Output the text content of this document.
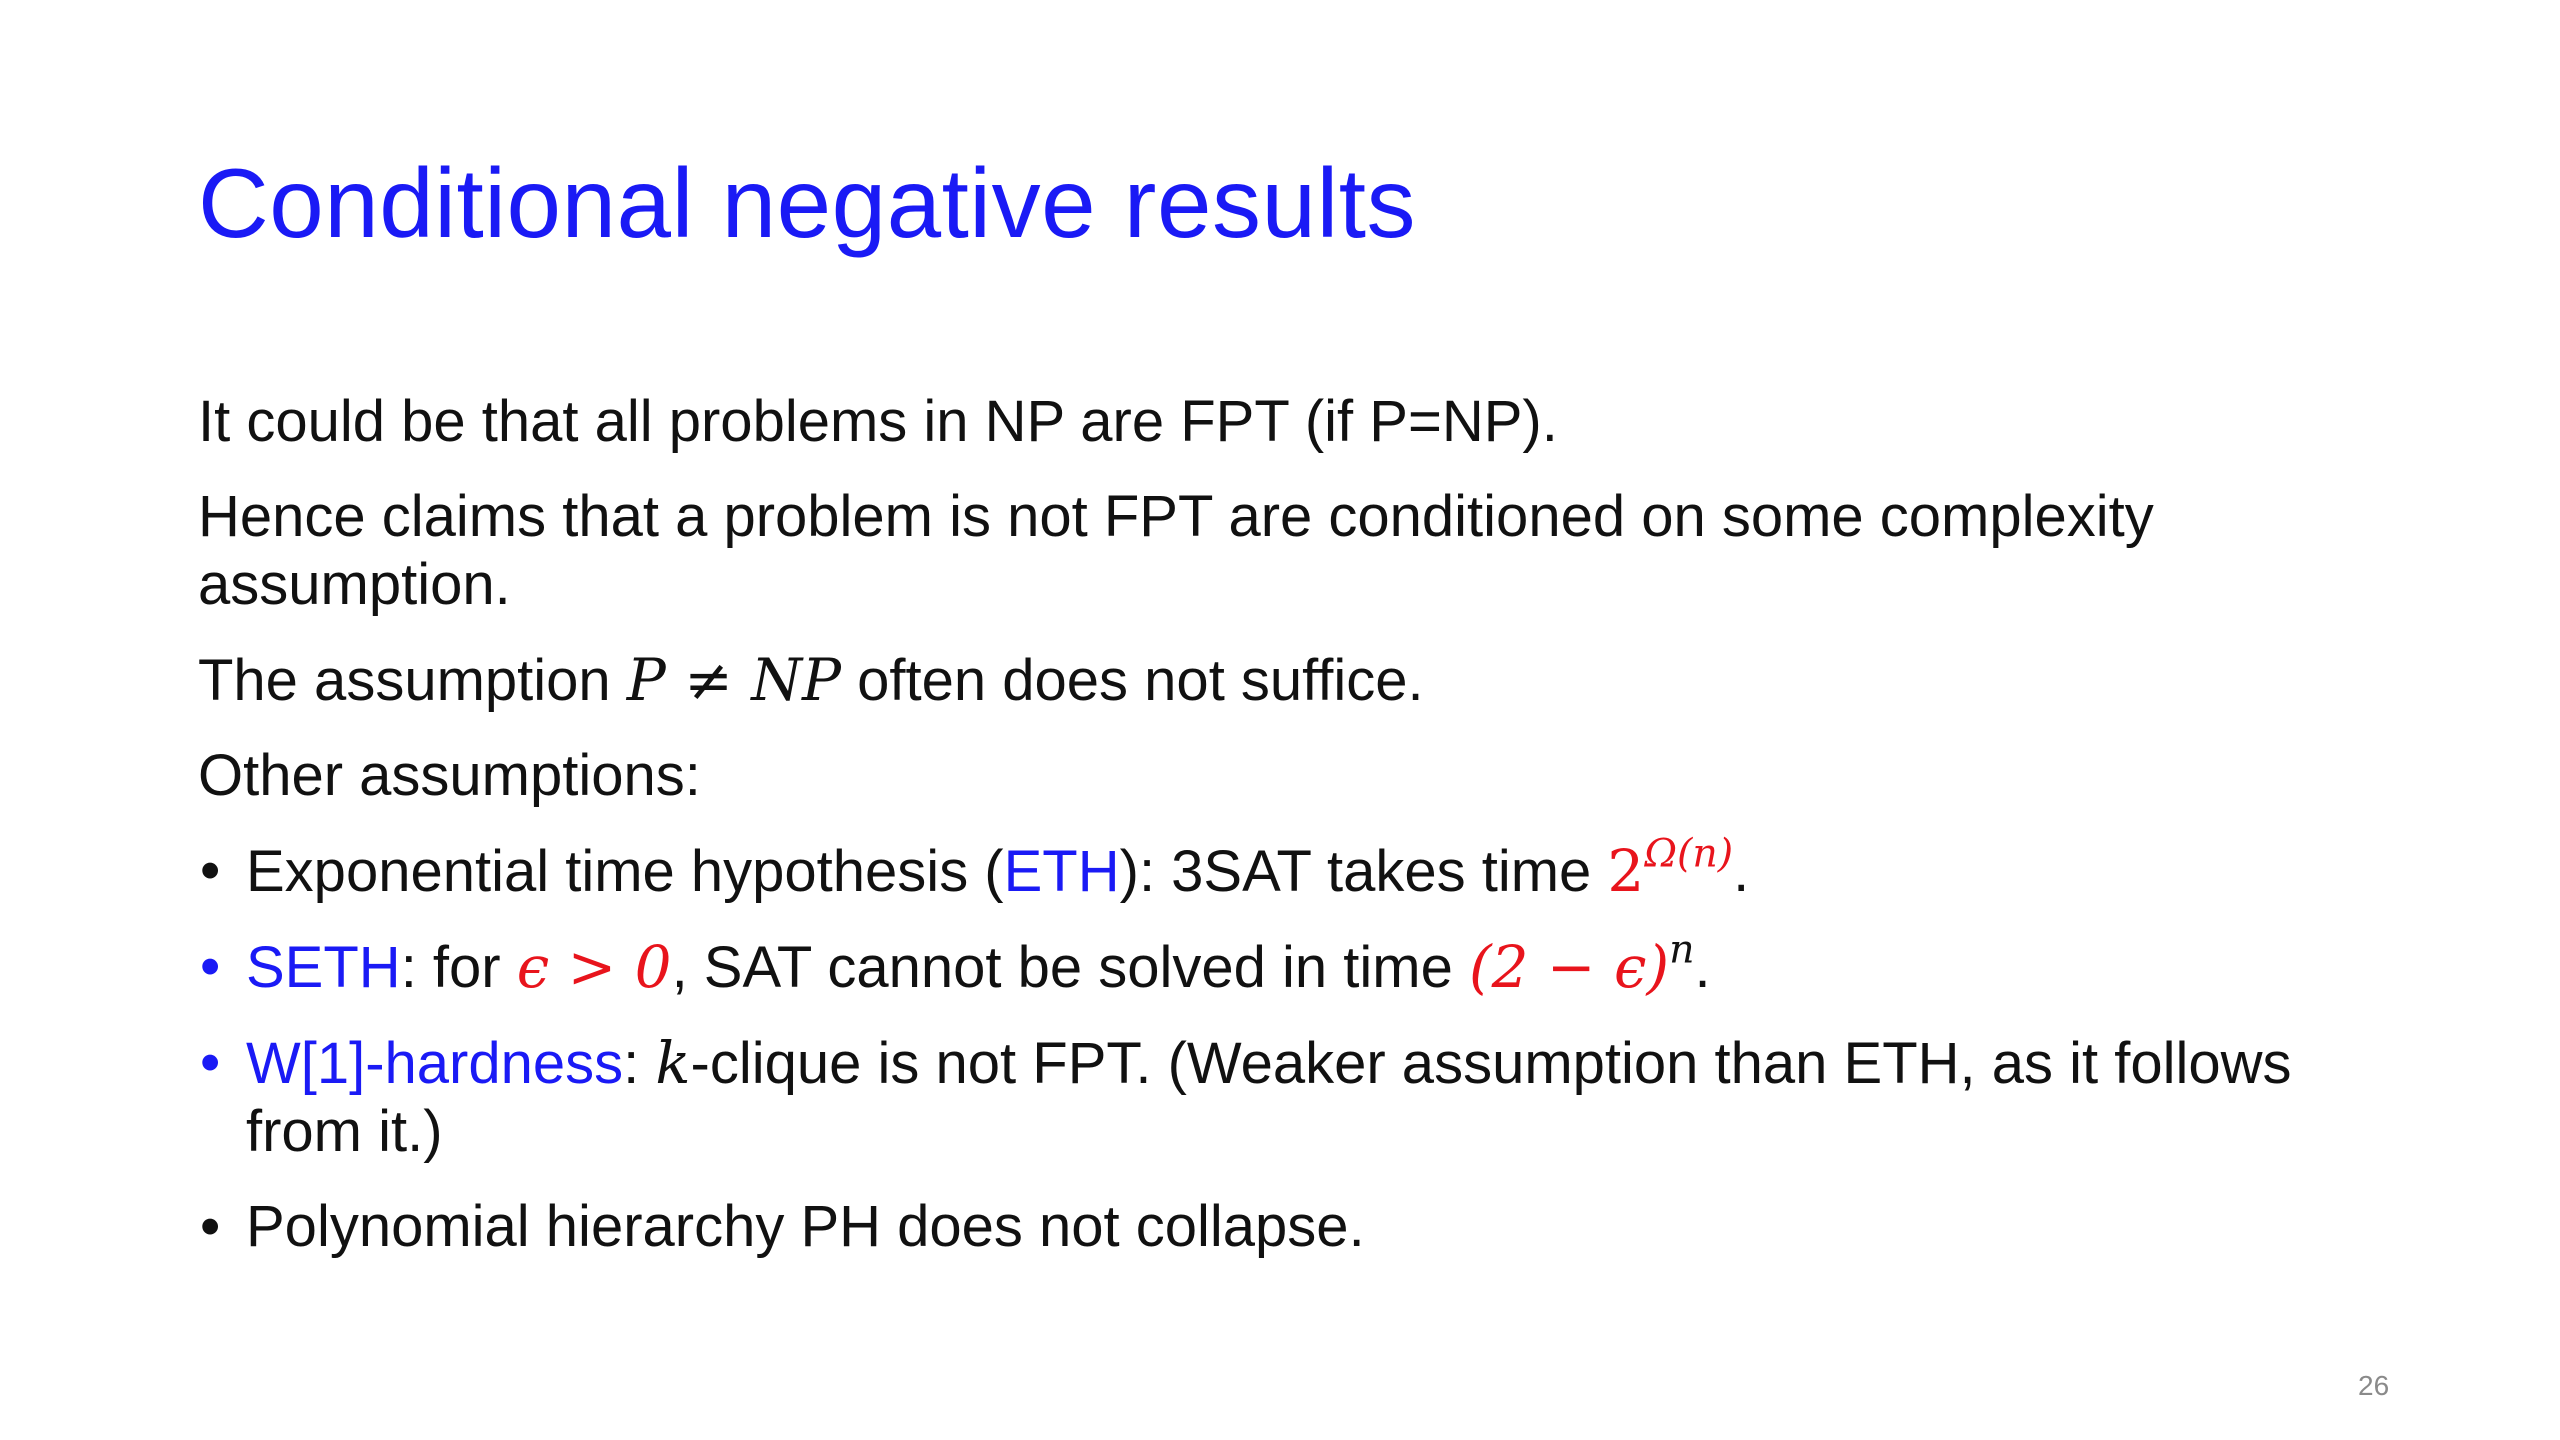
Conditional negative results
It could be that all problems in NP are FPT (if P=NP).
Hence claims that a problem is not FPT are conditioned on some complexity assumption.
The assumption P ≠ NP often does not suffice.
Other assumptions:
• Exponential time hypothesis (ETH): 3SAT takes time $2^{\Omega(n)}$.
• SETH: for ϵ > 0, SAT cannot be solved in time $(2 - \epsilon)^n$.
• W[1]-hardness: k-clique is not FPT. (Weaker assumption than ETH, as it follows from it.)
• Polynomial hierarchy PH does not collapse.
26
